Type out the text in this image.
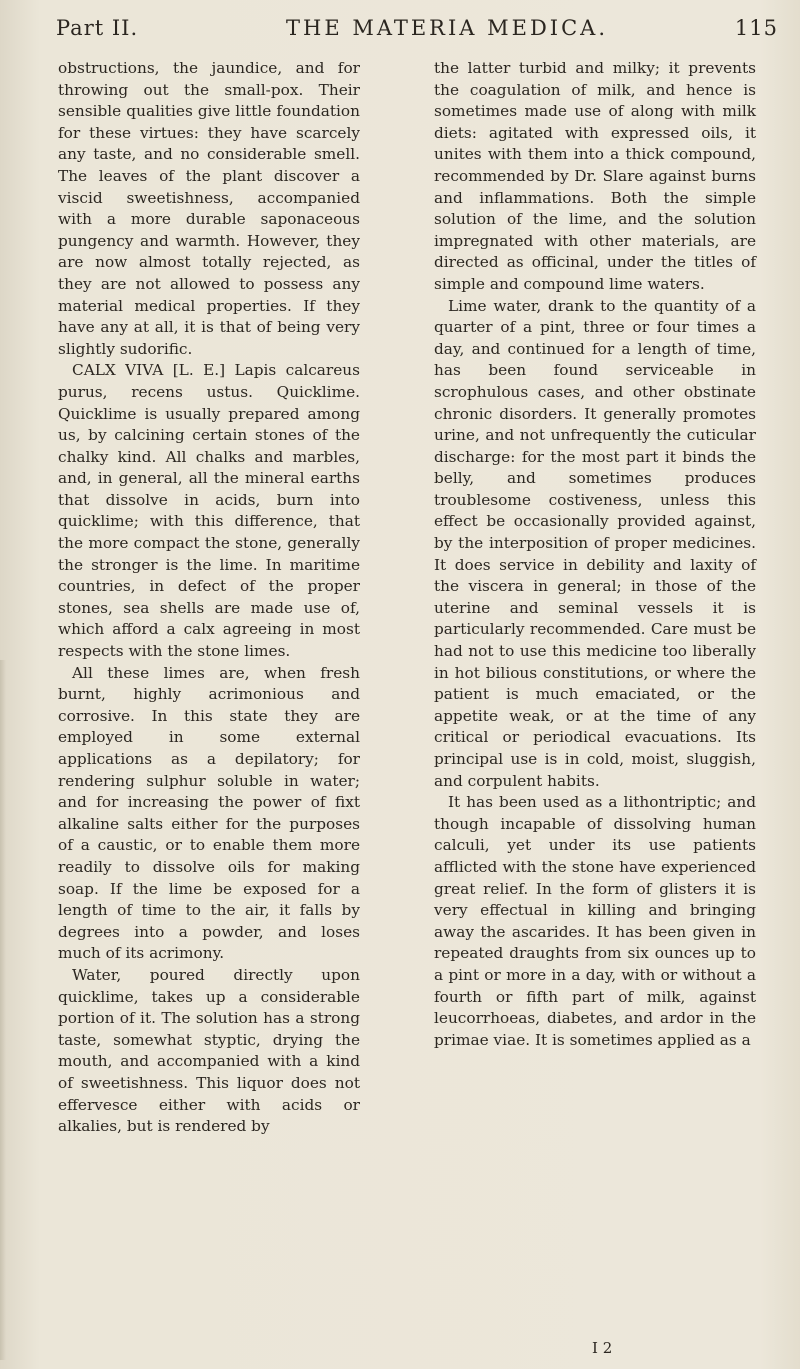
Part II.	THE MATERIA MEDICA.	115

obstructions, the jaundice, and for throwing out the small-pox. Their sensible qualities give little foundation for these virtues: they have scarcely any taste, and no considerable smell. The leaves of the plant discover a viscid sweetishness, accompanied with a more durable saponaceous pungency and warmth. However, they are now almost totally rejected, as they are not allowed to possess any material medical properties. If they have any at all, it is that of being very slightly sudorific.

CALX VIVA [L. E.] Lapis calcareus purus, recens ustus. Quicklime. Quicklime is usually prepared among us, by calcining certain stones of the chalky kind. All chalks and marbles, and, in general, all the mineral earths that dissolve in acids, burn into quicklime; with this difference, that the more compact the stone, generally the stronger is the lime. In maritime countries, in defect of the proper stones, sea shells are made use of, which afford a calx agreeing in most respects with the stone limes.

All these limes are, when fresh burnt, highly acrimonious and corrosive. In this state they are employed in some external applications as a depilatory; for rendering sulphur soluble in water; and for increasing the power of fixt alkaline salts either for the purposes of a caustic, or to enable them more readily to dissolve oils for making soap. If the lime be exposed for a length of time to the air, it falls by degrees into a powder, and loses much of its acrimony.

Water, poured directly upon quicklime, takes up a considerable portion of it. The solution has a strong taste, somewhat styptic, drying the mouth, and accompanied with a kind of sweetishness. This liquor does not effervesce either with acids or alkalies, but is rendered by

the latter turbid and milky; it prevents the coagulation of milk, and hence is sometimes made use of along with milk diets: agitated with expressed oils, it unites with them into a thick compound, recommended by Dr. Slare against burns and inflammations. Both the simple solution of the lime, and the solution impregnated with other materials, are directed as officinal, under the titles of simple and compound lime waters.

Lime water, drank to the quantity of a quarter of a pint, three or four times a day, and continued for a length of time, has been found serviceable in scrophulous cases, and other obstinate chronic disorders. It generally promotes urine, and not unfrequently the cuticular discharge: for the most part it binds the belly, and sometimes produces troublesome costiveness, unless this effect be occasionally provided against, by the interposition of proper medicines. It does service in debility and laxity of the viscera in general; in those of the uterine and seminal vessels it is particularly recommended. Care must be had not to use this medicine too liberally in hot bilious constitutions, or where the patient is much emaciated, or the appetite weak, or at the time of any critical or periodical evacuations. Its principal use is in cold, moist, sluggish, and corpulent habits.

It has been used as a lithontriptic; and though incapable of dissolving human calculi, yet under its use patients afflicted with the stone have experienced great relief. In the form of glisters it is very effectual in killing and bringing away the ascarides. It has been given in repeated draughts from six ounces up to a pint or more in a day, with or without a fourth or fifth part of milk, against leucorrhoeas, diabetes, and ardor in the primae viae. It is sometimes applied as a

I 2
